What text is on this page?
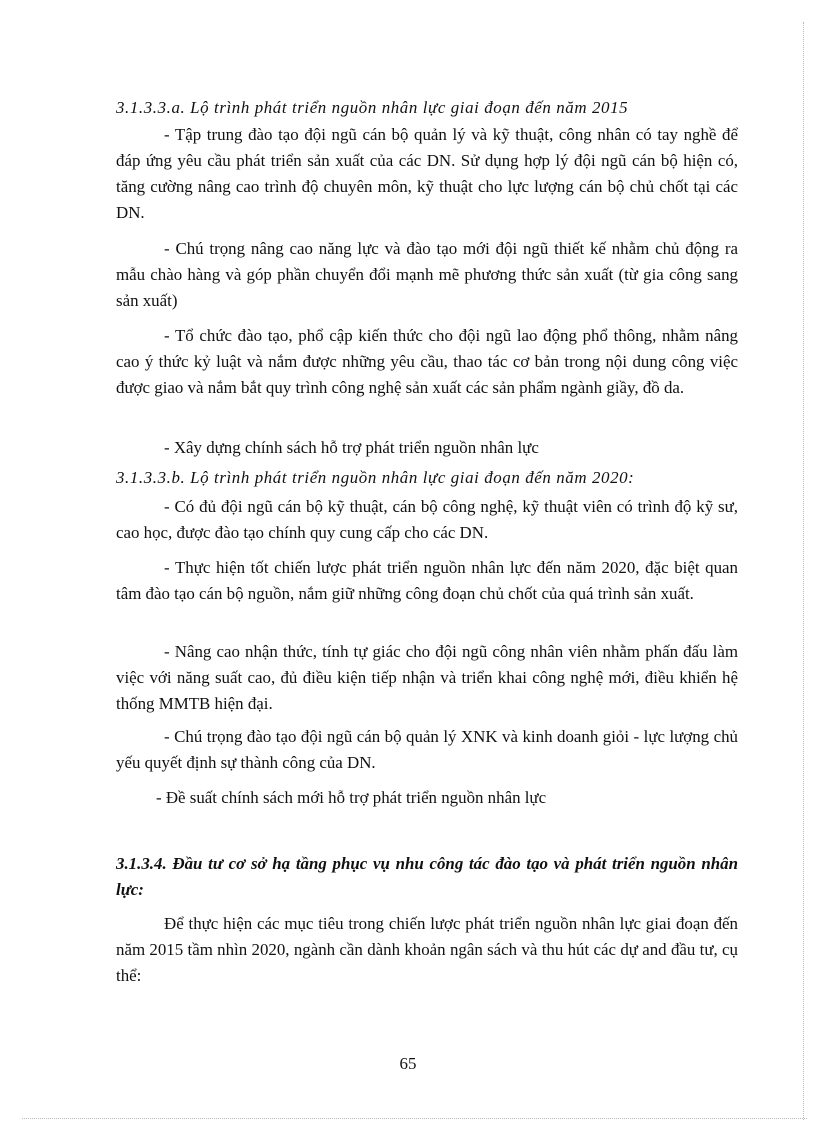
3.1.3.3.a. Lộ trình phát triển nguồn nhân lực giai đoạn đến năm 2015

- Tập trung đào tạo đội ngũ cán bộ quản lý và kỹ thuật, công nhân có tay nghề để đáp ứng yêu cầu phát triển sản xuất của các DN. Sử dụng hợp lý đội ngũ cán bộ hiện có, tăng cường nâng cao trình độ chuyên môn, kỹ thuật cho lực lượng cán bộ chủ chốt tại các DN.

- Chú trọng nâng cao năng lực và đào tạo mới đội ngũ thiết kế nhằm chủ động ra mẫu chào hàng và góp phần chuyển đổi mạnh mẽ phương thức sản xuất (từ gia công sang sản xuất)

- Tổ chức đào tạo, phổ cập kiến thức cho đội ngũ lao động phổ thông, nhằm nâng cao ý thức kỷ luật và nắm được những yêu cầu, thao tác cơ bản trong nội dung công việc được giao và nắm bắt quy trình công nghệ sản xuất các sản phẩm ngành giầy, đồ da.

- Xây dựng chính sách hỗ trợ phát triển nguồn nhân lực

3.1.3.3.b. Lộ trình phát triển nguồn nhân lực giai đoạn đến năm 2020:

- Có đủ đội ngũ cán bộ kỹ thuật, cán bộ công nghệ, kỹ thuật viên có trình độ kỹ sư, cao học, được đào tạo chính quy cung cấp cho các DN.

- Thực hiện tốt chiến lược phát triển nguồn nhân lực đến năm 2020, đặc biệt quan tâm đào tạo cán bộ nguồn, nắm giữ những công đoạn chủ chốt của quá trình sản xuất.

- Nâng cao nhận thức, tính tự giác cho đội ngũ công nhân viên nhằm phấn đấu làm việc với năng suất cao, đủ điều kiện tiếp nhận và triển khai công nghệ mới, điều khiển hệ thống MMTB hiện đại.

- Chú trọng đào tạo đội ngũ cán bộ quản lý XNK và kinh doanh giỏi - lực lượng chủ yếu quyết định sự thành công của DN.

- Đề suất chính sách mới hỗ trợ phát triển nguồn nhân lực

3.1.3.4. Đầu tư cơ sở hạ tầng phục vụ nhu công tác đào tạo và phát triển nguồn nhân lực:

Để thực hiện các mục tiêu trong chiến lược phát triển nguồn nhân lực giai đoạn đến năm 2015 tầm nhìn 2020, ngành cần dành khoản ngân sách và thu hút các dự and đầu tư, cụ thể:

65
